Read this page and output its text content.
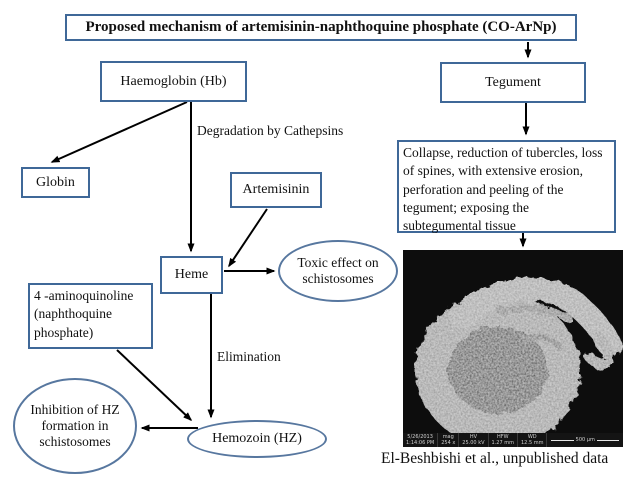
Proposed mechanism of artemisinin-naphthoquine phosphate (CO-ArNp)
Haemoglobin (Hb)
Globin	Artemisinin
Heme
4 -aminoquinoline (naphthoquine phosphate)
Tegument
Collapse, reduction of tubercles, loss of spines, with extensive erosion, perforation and peeling of the tegument; exposing the subtegumental tissue
Toxic effect on schistosomes
Inhibition of HZ formation in schistosomes	Hemozoin (HZ)
Degradation by Cathepsins
Elimination
5/26/2013
1:14:06 PM
mag
254 x
HV
25.00 kV
HFW
1.27 mm
WD
12.5 mm	500 µm
El-Beshbishi et al., unpublished data
